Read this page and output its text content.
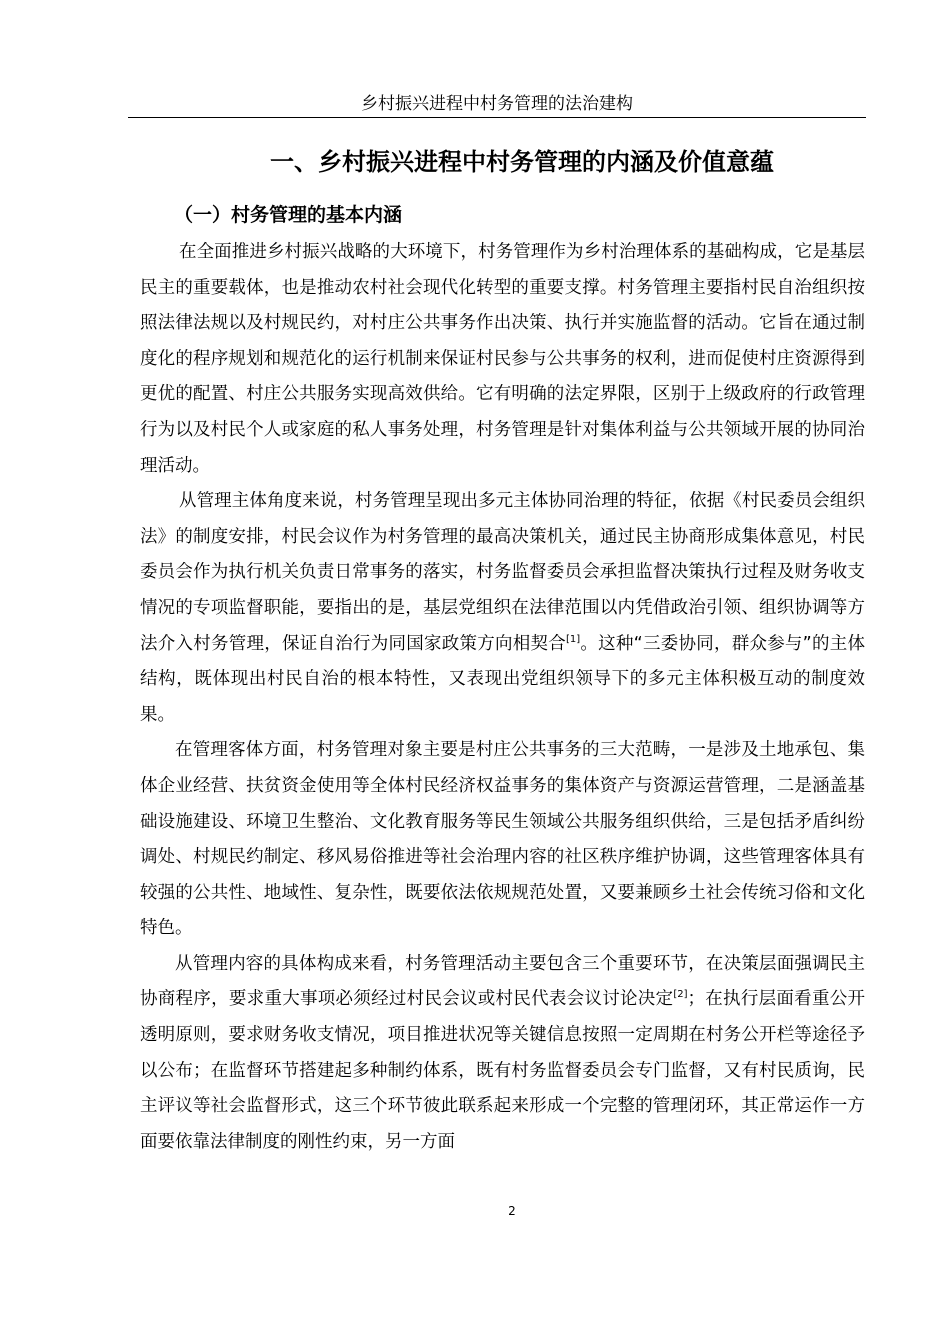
乡村振兴进程中村务管理的法治建构
一、乡村振兴进程中村务管理的内涵及价值意蕴
（一）村务管理的基本内涵

在全面推进乡村振兴战略的大环境下，村务管理作为乡村治理体系的基础构成，它是基层民主的重要载体，也是推动农村社会现代化转型的重要支撑。村务管理主要指村民自治组织按照法律法规以及村规民约，对村庄公共事务作出决策、执行并实施监督的活动。它旨在通过制度化的程序规划和规范化的运行机制来保证村民参与公共事务的权利，进而促使村庄资源得到更优的配置、村庄公共服务实现高效供给。它有明确的法定界限，区别于上级政府的行政管理行为以及村民个人或家庭的私人事务处理，村务管理是针对集体利益与公共领域开展的协同治理活动。

从管理主体角度来说，村务管理呈现出多元主体协同治理的特征，依据《村民委员会组织法》的制度安排，村民会议作为村务管理的最高决策机关，通过民主协商形成集体意见，村民委员会作为执行机关负责日常事务的落实，村务监督委员会承担监督决策执行过程及财务收支情况的专项监督职能，要指出的是，基层党组织在法律范围以内凭借政治引领、组织协调等方法介入村务管理，保证自治行为同国家政策方向相契合[1]。这种“三委协同，群众参与”的主体结构，既体现出村民自治的根本特性，又表现出党组织领导下的多元主体积极互动的制度效果。

在管理客体方面，村务管理对象主要是村庄公共事务的三大范畴，一是涉及土地承包、集体企业经营、扶贫资金使用等全体村民经济权益事务的集体资产与资源运营管理，二是涵盖基础设施建设、环境卫生整治、文化教育服务等民生领域公共服务组织供给，三是包括矛盾纠纷调处、村规民约制定、移风易俗推进等社会治理内容的社区秩序维护协调，这些管理客体具有较强的公共性、地域性、复杂性，既要依法依规规范处置，又要兼顾乡土社会传统习俗和文化特色。

从管理内容的具体构成来看，村务管理活动主要包含三个重要环节，在决策层面强调民主协商程序，要求重大事项必须经过村民会议或村民代表会议讨论决定[2]；在执行层面看重公开透明原则，要求财务收支情况，项目推进状况等关键信息按照一定周期在村务公开栏等途径予以公布；在监督环节搭建起多种制约体系，既有村务监督委员会专门监督，又有村民质询，民主评议等社会监督形式，这三个环节彼此联系起来形成一个完整的管理闭环，其正常运作一方面要依靠法律制度的刚性约束，另一方面

2
